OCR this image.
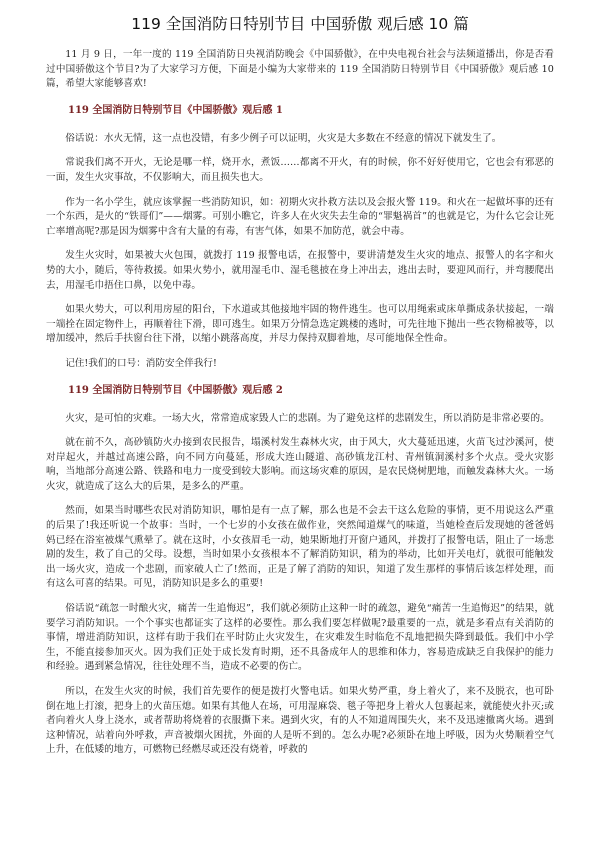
119 全国消防日特别节目 中国骄傲 观后感 10 篇

11 月 9 日，一年一度的 119 全国消防日央视消防晚会《中国骄傲》，在中央电视台社会与法频道播出，你是否看过中国骄傲这个节目?为了大家学习方便，下面是小编为大家带来的 119 全国消防日特别节目《中国骄傲》观后感 10 篇，希望大家能够喜欢!

119 全国消防日特别节目《中国骄傲》观后感 1

俗话说：水火无情，这一点也没错，有多少例子可以证明，火灾是大多数在不经意的情况下就发生了。

常说我们离不开火，无论是哪一样，烧开水，煮饭……都离不开火，有的时候，你不好好使用它，它也会有邪恶的一面，发生火灾事故，不仅影响大，而且损失也大。

作为一名小学生，就应该掌握一些消防知识，如：初期火灾扑救方法以及会报火警 119。和火在一起做坏事的还有一个东西，是火的“铁哥们”——烟雾。可别小瞧它，许多人在火灾失去生命的“罪魁祸首”的也就是它，为什么它会让死亡率增高呢?那是因为烟雾中含有大量的有毒，有害气体，如果不加防范，就会中毒。

发生火灾时，如果被大火包围，就拨打 119 报警电话，在报警中，要讲清楚发生火灾的地点、报警人的名字和火势的大小，随后，等待救援。如果火势小，就用湿毛巾、湿毛毯披在身上冲出去，逃出去时，要迎风而行，并弯腰爬出去，用湿毛巾捂住口鼻，以免中毒。

如果火势大，可以利用房屋的阳台，下水道或其他接地牢固的物件逃生。也可以用绳索或床单撕成条状接起，一端一端拴在固定物件上，再顺着往下滑，即可逃生。如果万分情急选定跳楼的逃时，可先往地下抛出一些衣物棉被等，以增加缓冲，然后手扶窗台往下滑，以缩小跳落高度，并尽力保持双脚着地，尽可能地保全性命。

记住!我们的口号：消防安全伴我行!

119 全国消防日特别节目《中国骄傲》观后感 2

火灾，是可怕的灾难。一场大火，常常造成家毁人亡的悲剧。为了避免这样的悲剧发生，所以消防是非常必要的。

就在前不久，高砂镇防火办接到农民报告，塌溪村发生森林火灾，由于风大，火大蔓延迅速，火苗飞过沙溪河，使对岸起火，并越过高速公路，向不同方向蔓延，形成大连山隧道、高砂镇龙江村、青州镇洞溪村多个火点。受火灾影响，当地部分高速公路、铁路和电力一度受到较大影响。而这场灾难的原因，是农民烧树肥地，而触发森林大火。一场火灾，就造成了这么大的后果，是多么的严重。

然而，如果当时哪些农民对消防知识，哪怕是有一点了解，那么也是不会去干这么危险的事情，更不用说这么严重的后果了!我还听说一个故事：当时，一个七岁的小女孩在做作业，突然闻道煤气的味道，当她检查后发现她的爸爸妈妈已经在浴室被煤气熏晕了。就在这时，小女孩眉毛一动，她果断地打开窗户通风，并拨打了报警电话，阻止了一场悲剧的发生，救了自己的父母。设想，当时如果小女孩根本不了解消防知识，稍为的举动，比如开关电灯，就很可能触发出一场火灾，造成一个悲剧，而家破人亡了!然而，正是了解了消防的知识，知道了发生那样的事情后该怎样处理，而有这么可喜的结果。可见，消防知识是多么的重要!

俗话说“疏忽一时酿火灾，痛苦一生追悔迟”，我们就必须防止这种一时的疏忽，避免“痛苦一生追悔迟”的结果，就要学习消防知识。一个个事实也都证实了这样的必要性。那么我们要怎样做呢?最重要的一点，就是多看点有关消防的事情，增进消防知识，这样有助于我们在平时防止火灾发生，在灾难发生时临危不乱地把损失降到最低。我们中小学生，不能直接参加灭火。因为我们正处于成长发育时期，还不具备成年人的思维和体力，容易造成缺乏自我保护的能力和经验。遇到紧急情况，往往处理不当，造成不必要的伤亡。

所以，在发生火灾的时候，我们首先要作的便是拨打火警电话。如果火势严重，身上着火了，来不及脱衣，也可卧倒在地上打滚，把身上的火苗压熄。如果有其他人在场，可用湿麻袋、毯子等把身上着火人包裹起来，就能使火扑灭;或者向着火人身上浇水，或者帮助将烧着的衣服撕下来。遇到火灾，有的人不知道周围失火，来不及迅速撤离火场。遇到这种情况，站着向外呼救，声音被烟火困扰，外面的人是听不到的。怎么办呢?必须卧在地上呼吸，因为火势顺着空气上升，在低矮的地方，可燃物已经燃尽或还没有烧着，呼救的
